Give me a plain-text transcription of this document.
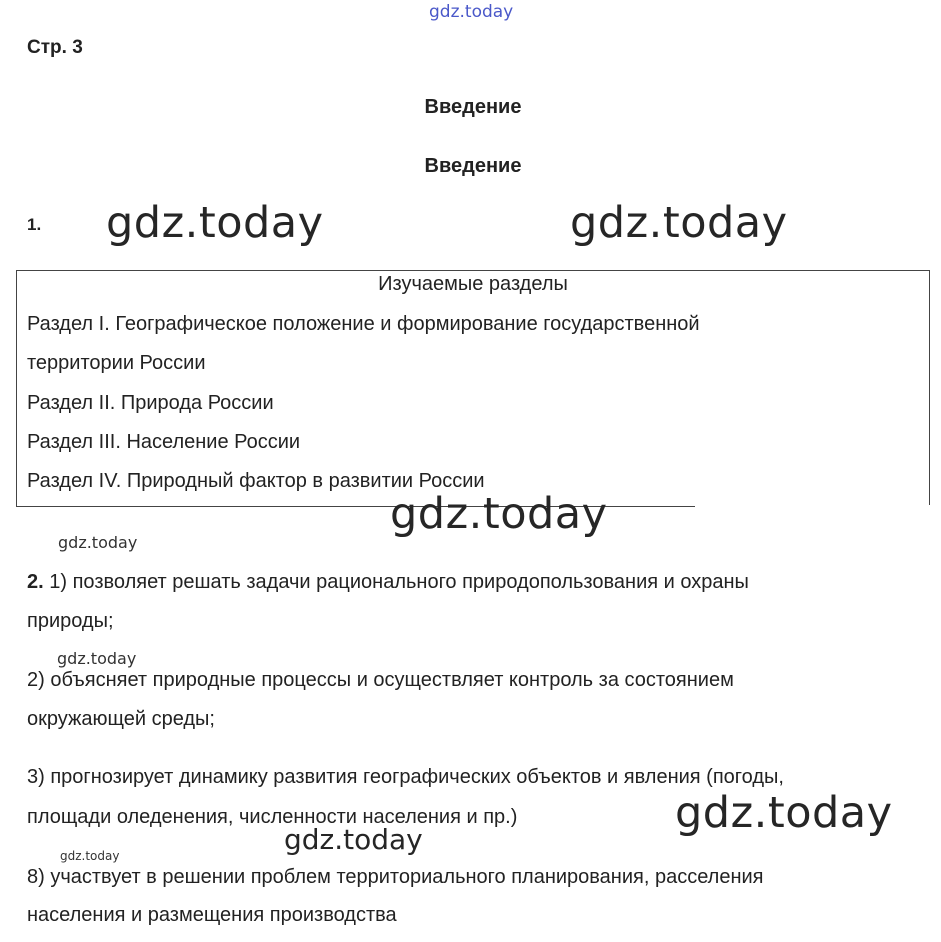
gdz.today
Стр. 3
Введение
Введение
1. gdz.today	gdz.today
Изучаемые разделы
Раздел I. Географическое положение и формирование государственной
территории России
Раздел II. Природа России
Раздел III. Население России
Раздел IV. Природный фактор в развитии России
gdz.today
gdz.today
2. 1) позволяет решать задачи рационального природопользования и охраны
природы;
gdz.today
2) объясняет природные процессы и осуществляет контроль за состоянием
окружающей среды;
3) прогнозирует динамику развития географических объектов и явления (погоды,
площади оледенения, численности населения и пр.)	gdz.today
gdz.today
gdz.today
8) участвует в решении проблем территориального планирования, расселения
населения и размещения производства
